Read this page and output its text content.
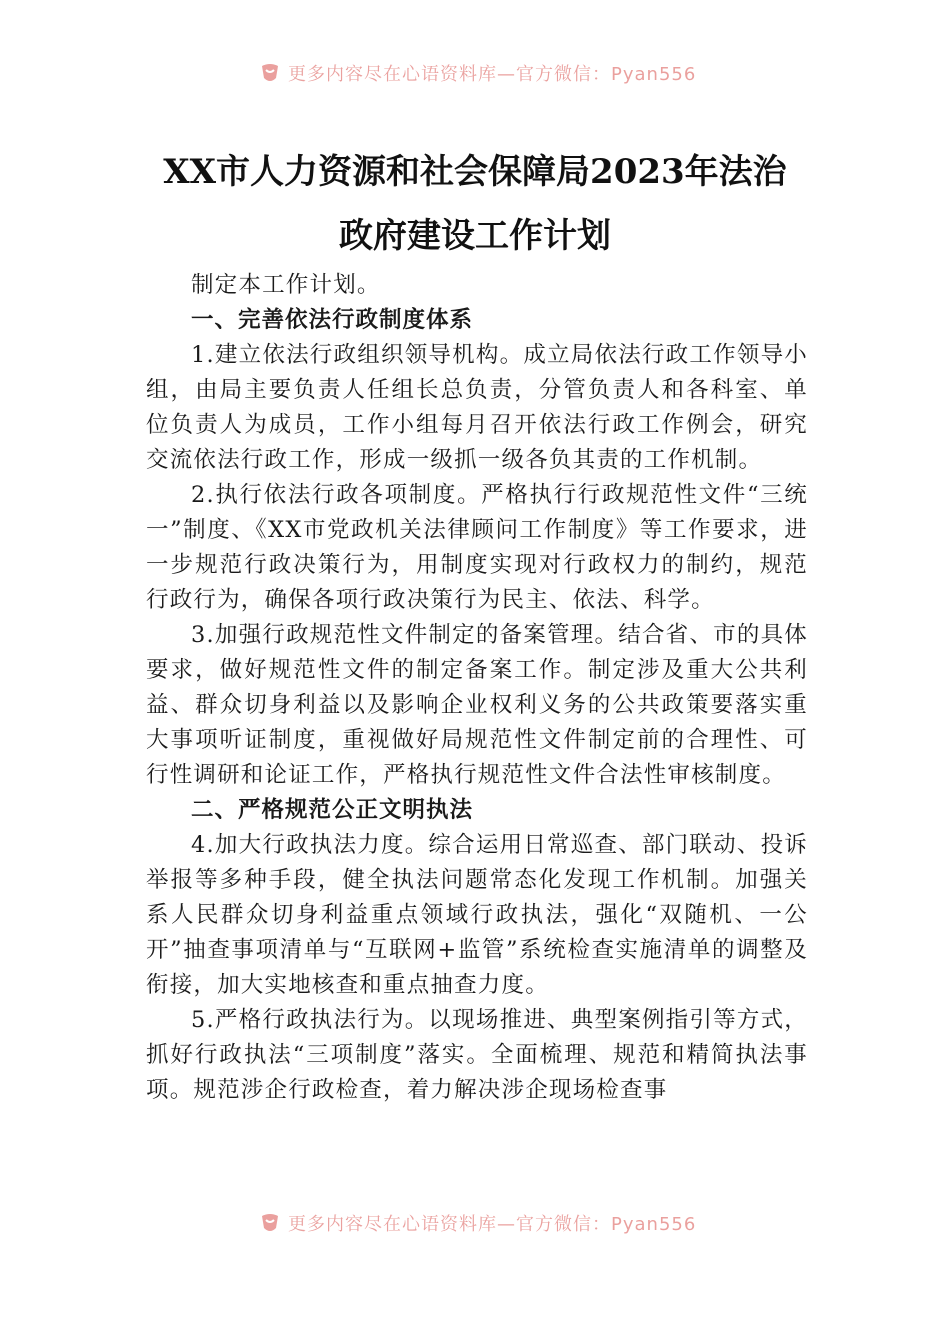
更多内容尽在心语资料库—官方微信：Pyan556
XX市人力资源和社会保障局2023年法治
政府建设工作计划

制定本工作计划。

一、完善依法行政制度体系

1.建立依法行政组织领导机构。成立局依法行政工作领导小组，由局主要负责人任组长总负责，分管负责人和各科室、单位负责人为成员，工作小组每月召开依法行政工作例会，研究交流依法行政工作，形成一级抓一级各负其责的工作机制。

2.执行依法行政各项制度。严格执行行政规范性文件“三统一”制度、《XX市党政机关法律顾问工作制度》等工作要求，进一步规范行政决策行为，用制度实现对行政权力的制约，规范行政行为，确保各项行政决策行为民主、依法、科学。

3.加强行政规范性文件制定的备案管理。结合省、市的具体要求，做好规范性文件的制定备案工作。制定涉及重大公共利益、群众切身利益以及影响企业权利义务的公共政策要落实重大事项听证制度，重视做好局规范性文件制定前的合理性、可行性调研和论证工作，严格执行规范性文件合法性审核制度。

二、严格规范公正文明执法

4.加大行政执法力度。综合运用日常巡查、部门联动、投诉举报等多种手段，健全执法问题常态化发现工作机制。加强关系人民群众切身利益重点领域行政执法，强化“双随机、一公开”抽查事项清单与“互联网+监管”系统检查实施清单的调整及衔接，加大实地核查和重点抽查力度。

5.严格行政执法行为。以现场推进、典型案例指引等方式，抓好行政执法“三项制度”落实。全面梳理、规范和精简执法事项。规范涉企行政检查，着力解决涉企现场检查事

更多内容尽在心语资料库—官方微信：Pyan556
